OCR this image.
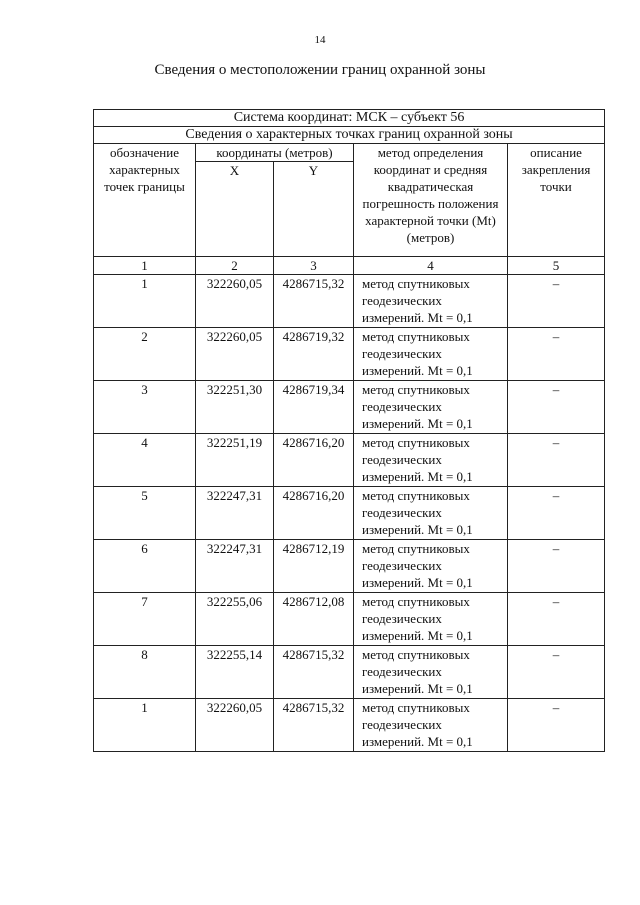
14
Сведения о местоположении границ охранной зоны
Система координат: МСК – субъект 56				
Сведения о характерных точках границ охранной зоны				
обозначение характерных точек границы	координаты (метров)		метод определения координат и средняя квадратическая погрешность положения характерной точки (Mt) (метров)	описание закрепления точки
	X	Y		
1	2	3	4	5
1	322260,05	4286715,32	метод спутниковых геодезических измерений. Mt = 0,1	–
2	322260,05	4286719,32	метод спутниковых геодезических измерений. Mt = 0,1	–
3	322251,30	4286719,34	метод спутниковых геодезических измерений. Mt = 0,1	–
4	322251,19	4286716,20	метод спутниковых геодезических измерений. Mt = 0,1	–
5	322247,31	4286716,20	метод спутниковых геодезических измерений. Mt = 0,1	–
6	322247,31	4286712,19	метод спутниковых геодезических измерений. Mt = 0,1	–
7	322255,06	4286712,08	метод спутниковых геодезических измерений. Mt = 0,1	–
8	322255,14	4286715,32	метод спутниковых геодезических измерений. Mt = 0,1	–
1	322260,05	4286715,32	метод спутниковых геодезических измерений. Mt = 0,1	–
